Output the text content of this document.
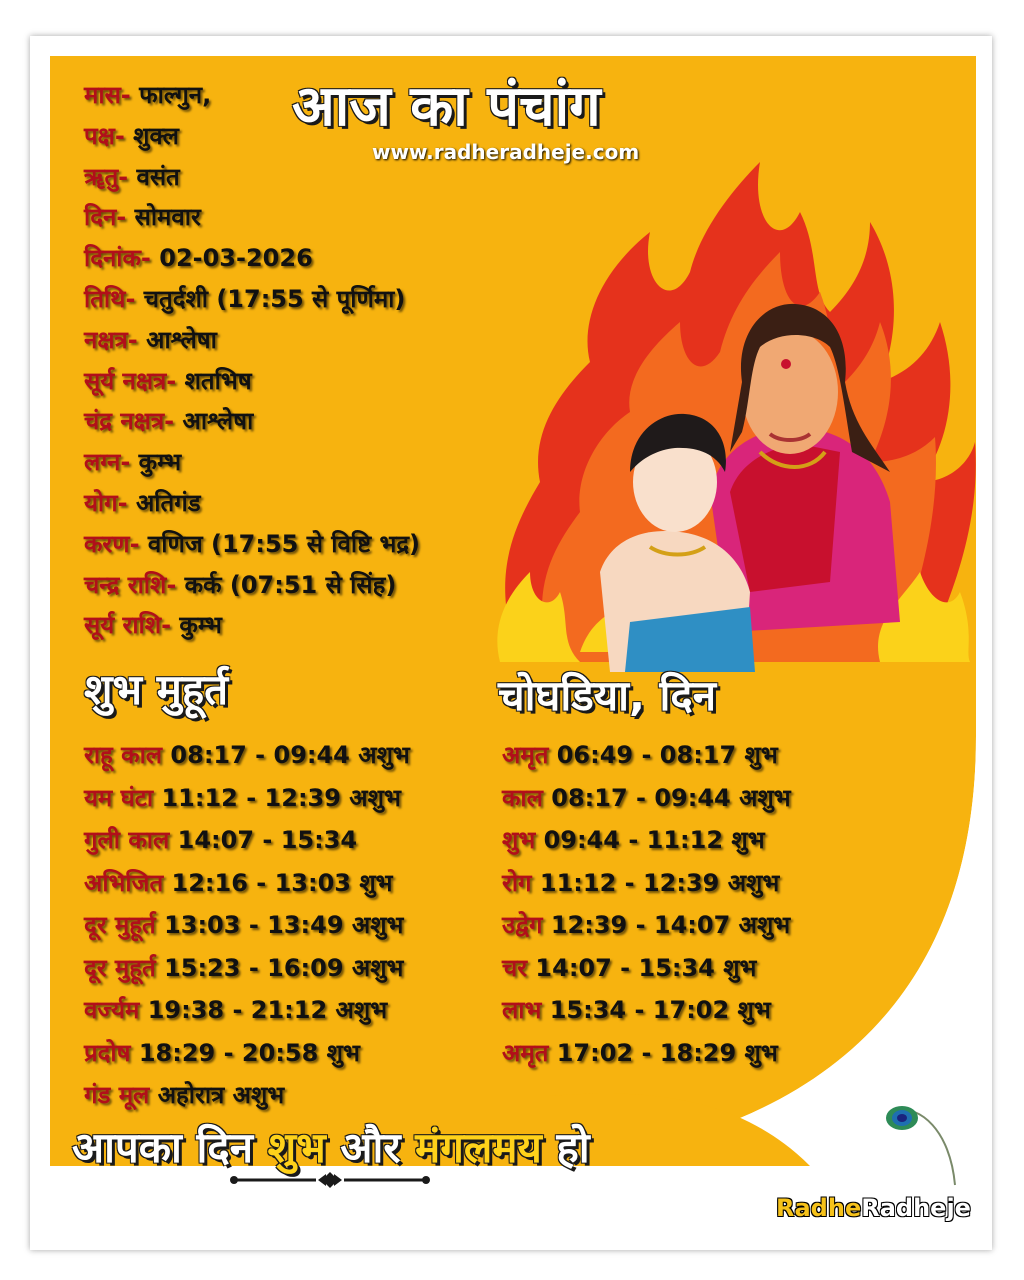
आज का पंचांग
www.radheradheje.com
मास- फाल्गुन,
पक्ष- शुक्ल
ॠतु- वसंत
दिन- सोमवार
दिनांक- 02-03-2026
तिथि- चतुर्दशी (17:55 से पूर्णिमा)
नक्षत्र- आश्लेषा
सूर्य नक्षत्र- शतभिष
चंद्र नक्षत्र- आश्लेषा
लग्न- कुम्भ
योग- अतिगंड
करण- वणिज (17:55 से विष्टि भद्र)
चन्द्र राशि- कर्क (07:51 से सिंह)
सूर्य राशि- कुम्भ
शुभ मुहूर्त	चोघडिया, दिन
राहू काल 08:17 - 09:44 अशुभ
यम घंटा 11:12 - 12:39 अशुभ
गुली काल 14:07 - 15:34
अभिजित 12:16 - 13:03 शुभ
दूर मुहूर्त 13:03 - 13:49 अशुभ
दूर मुहूर्त 15:23 - 16:09 अशुभ
वर्ज्यम 19:38 - 21:12 अशुभ
प्रदोष 18:29 - 20:58 शुभ
गंड मूल अहोरात्र अशुभ
अमृत 06:49 - 08:17 शुभ
काल 08:17 - 09:44 अशुभ
शुभ 09:44 - 11:12 शुभ
रोग 11:12 - 12:39 अशुभ
उद्वेग 12:39 - 14:07 अशुभ
चर 14:07 - 15:34 शुभ
लाभ 15:34 - 17:02 शुभ
अमृत 17:02 - 18:29 शुभ
आपका दिन शुभ और मंगलमय हो
RadheRadheje
